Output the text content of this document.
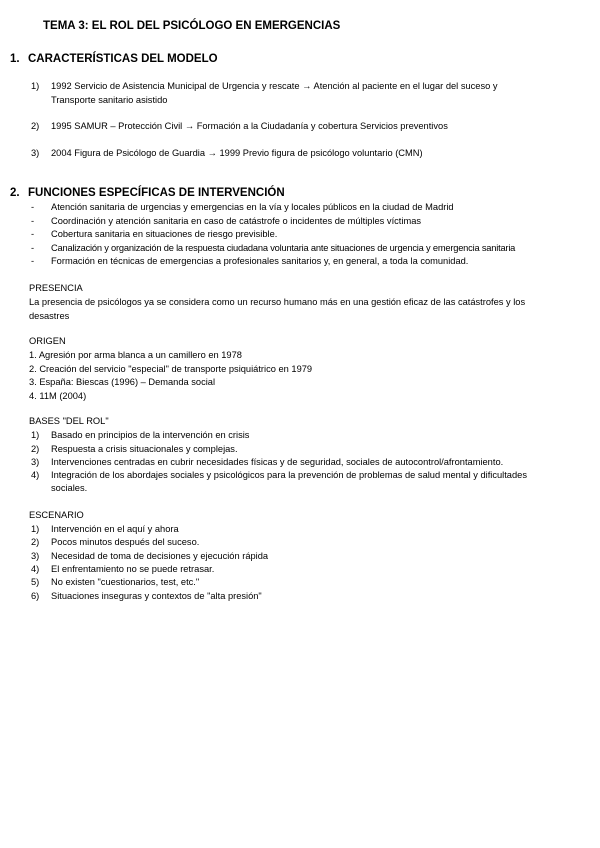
TEMA 3: EL ROL DEL PSICÓLOGO EN EMERGENCIAS
1. CARACTERÍSTICAS DEL MODELO
1) 1992 Servicio de Asistencia Municipal de Urgencia y rescate → Atención al paciente en el lugar del suceso y
Transporte sanitario asistido
2) 1995 SAMUR – Protección Civil → Formación a la Ciudadanía y cobertura Servicios preventivos
3) 2004 Figura de Psicólogo de Guardia → 1999 Previo figura de psicólogo voluntario (CMN)
2. FUNCIONES ESPECÍFICAS DE INTERVENCIÓN
- Atención sanitaria de urgencias y emergencias en la vía y locales públicos en la ciudad de Madrid
- Coordinación y atención sanitaria en caso de catástrofe o incidentes de múltiples víctimas
- Cobertura sanitaria en situaciones de riesgo previsible.
- Canalización y organización de la respuesta ciudadana voluntaria ante situaciones de urgencia y emergencia sanitaria
- Formación en técnicas de emergencias a profesionales sanitarios y, en general, a toda la comunidad.
PRESENCIA
La presencia de psicólogos ya se considera como un recurso humano más en una gestión eficaz de las catástrofes y los
desastres
ORIGEN
1. Agresión por arma blanca a un camillero en 1978
2. Creación del servicio "especial" de transporte psiquiátrico en 1979
3. España: Biescas (1996) – Demanda social
4. 11M (2004)
BASES "DEL ROL"
1) Basado en principios de la intervención en crisis
2) Respuesta a crisis situacionales y complejas.
3) Intervenciones centradas en cubrir necesidades físicas y de seguridad, sociales de autocontrol/afrontamiento.
4) Integración de los abordajes sociales y psicológicos para la prevención de problemas de salud mental y dificultades
sociales.
ESCENARIO
1) Intervención en el aquí y ahora
2) Pocos minutos después del suceso.
3) Necesidad de toma de decisiones y ejecución rápida
4) El enfrentamiento no se puede retrasar.
5) No existen "cuestionarios, test, etc."
6) Situaciones inseguras y contextos de "alta presión"
